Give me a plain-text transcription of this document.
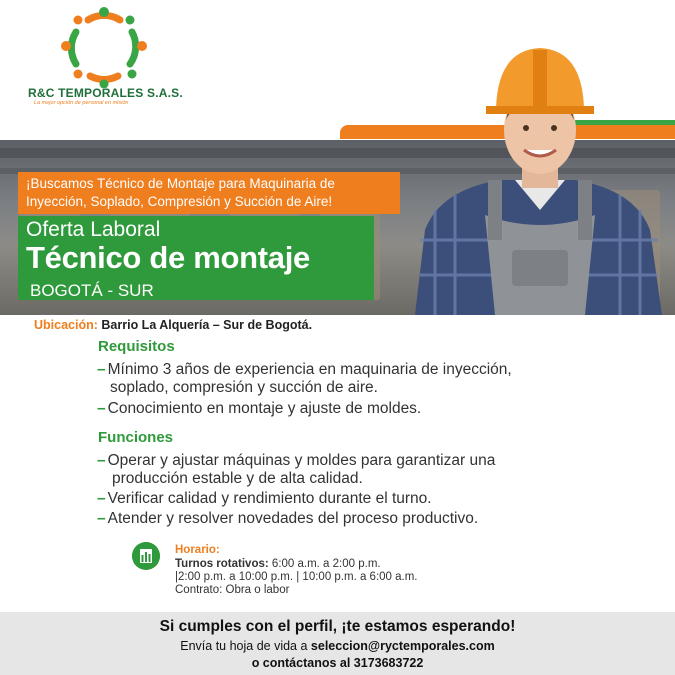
R&C TEMPORALES S.A.S.
La mejor opción de personal en misión
¡Buscamos Técnico de Montaje para Maquinaria de
Inyección, Soplado, Compresión y Succión de Aire!
Oferta Laboral
Técnico de montaje
BOGOTÁ - SUR
Ubicación: Barrio La Alquería – Sur de Bogotá.
Requisitos
– Mínimo 3 años de experiencia en maquinaria de inyección,
soplado, compresión y succión de aire.
– Conocimiento en montaje y ajuste de moldes.
Funciones
– Operar y ajustar máquinas y moldes para garantizar una
producción estable y de alta calidad.
– Verificar calidad y rendimiento durante el turno.
– Atender y resolver novedades del proceso productivo.
Horario:
Turnos rotativos: 6:00 a.m. a 2:00 p.m.
|2:00 p.m. a 10:00 p.m. | 10:00 p.m. a 6:00 a.m.
Contrato: Obra o labor
Si cumples con el perfil, ¡te estamos esperando!
Envía tu hoja de vida a seleccion@ryctemporales.com
o contáctanos al 3173683722
